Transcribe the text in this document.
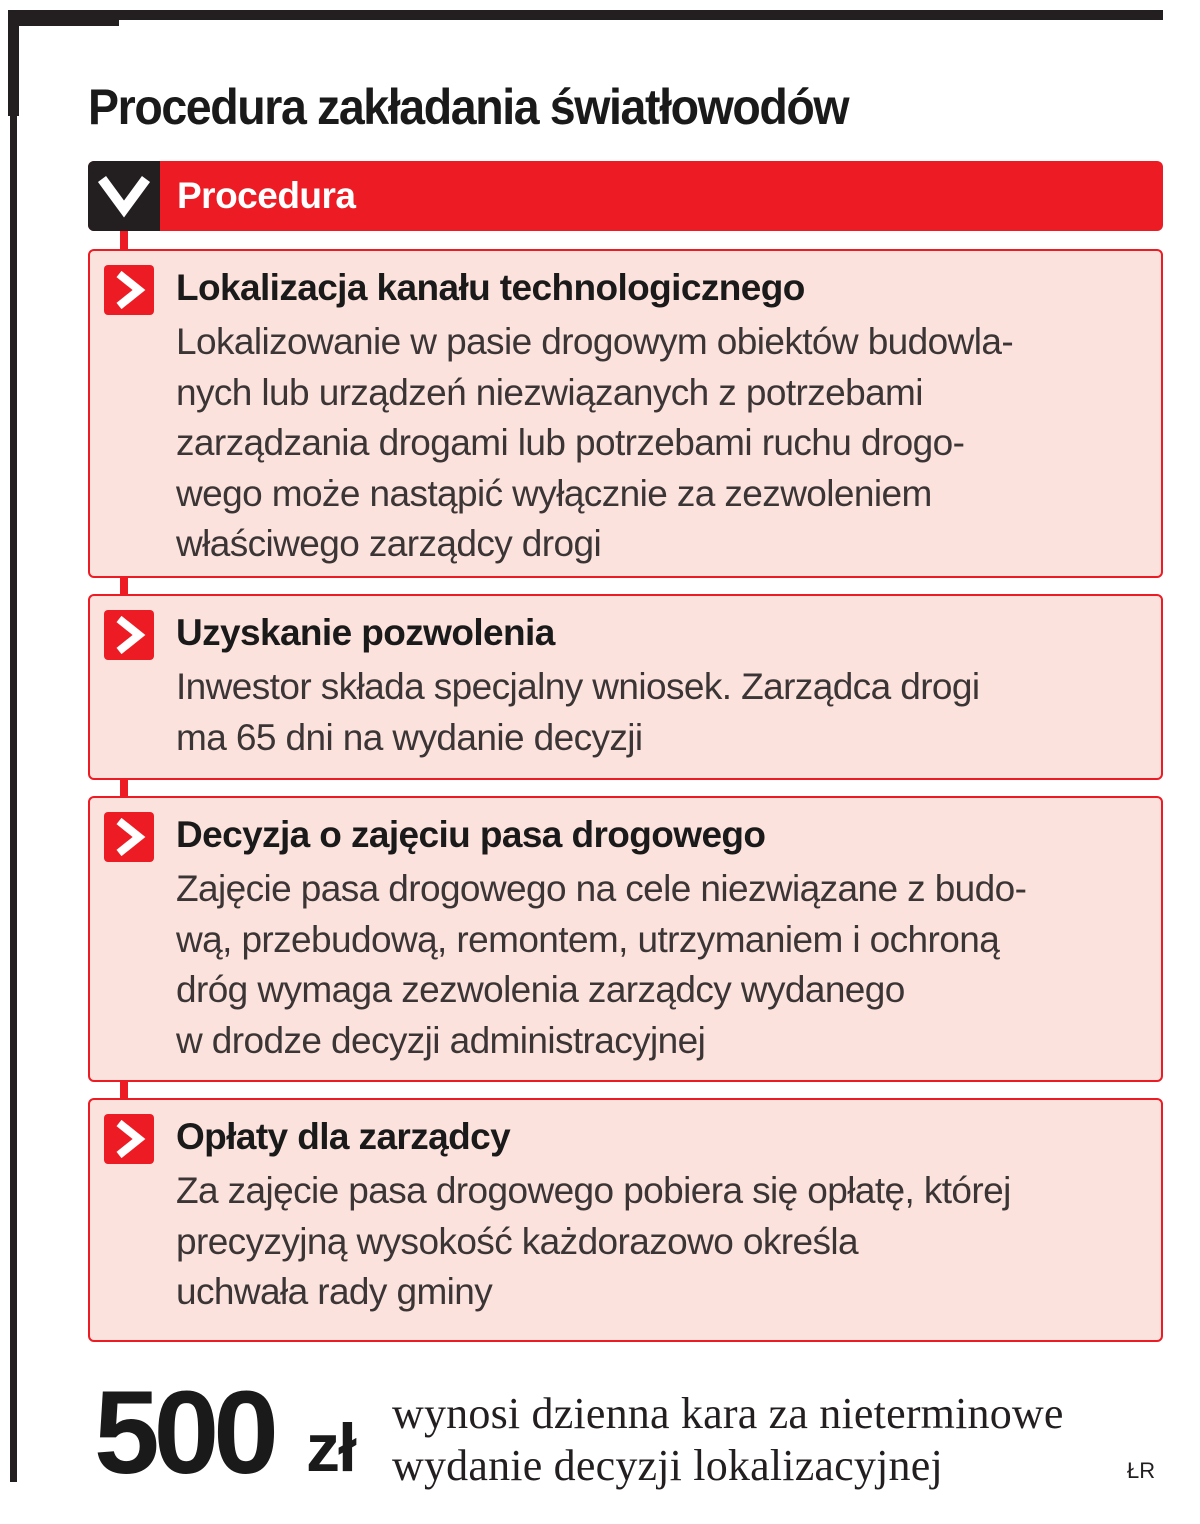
Procedura zakładania światłowodów
Procedura
Lokalizacja kanału technologicznego

Lokalizowanie w pasie drogowym obiektów budowla-
nych lub urządzeń niezwiązanych z potrzebami
zarządzania drogami lub potrzebami ruchu drogo-
wego może nastąpić wyłącznie za zezwoleniem
właściwego zarządcy drogi

Uzyskanie pozwolenia

Inwestor składa specjalny wniosek. Zarządca drogi
ma 65 dni na wydanie decyzji

Decyzja o zajęciu pasa drogowego

Zajęcie pasa drogowego na cele niezwiązane z budo-
wą, przebudową, remontem, utrzymaniem i ochroną
dróg wymaga zezwolenia zarządcy wydanego
w drodze decyzji administracyjnej

Opłaty dla zarządcy

Za zajęcie pasa drogowego pobiera się opłatę, której
precyzyjną wysokość każdorazowo określa
uchwała rady gminy

500 zł wynosi dzienna kara za nieterminowe
wydanie decyzji lokalizacyjnej	ŁR
